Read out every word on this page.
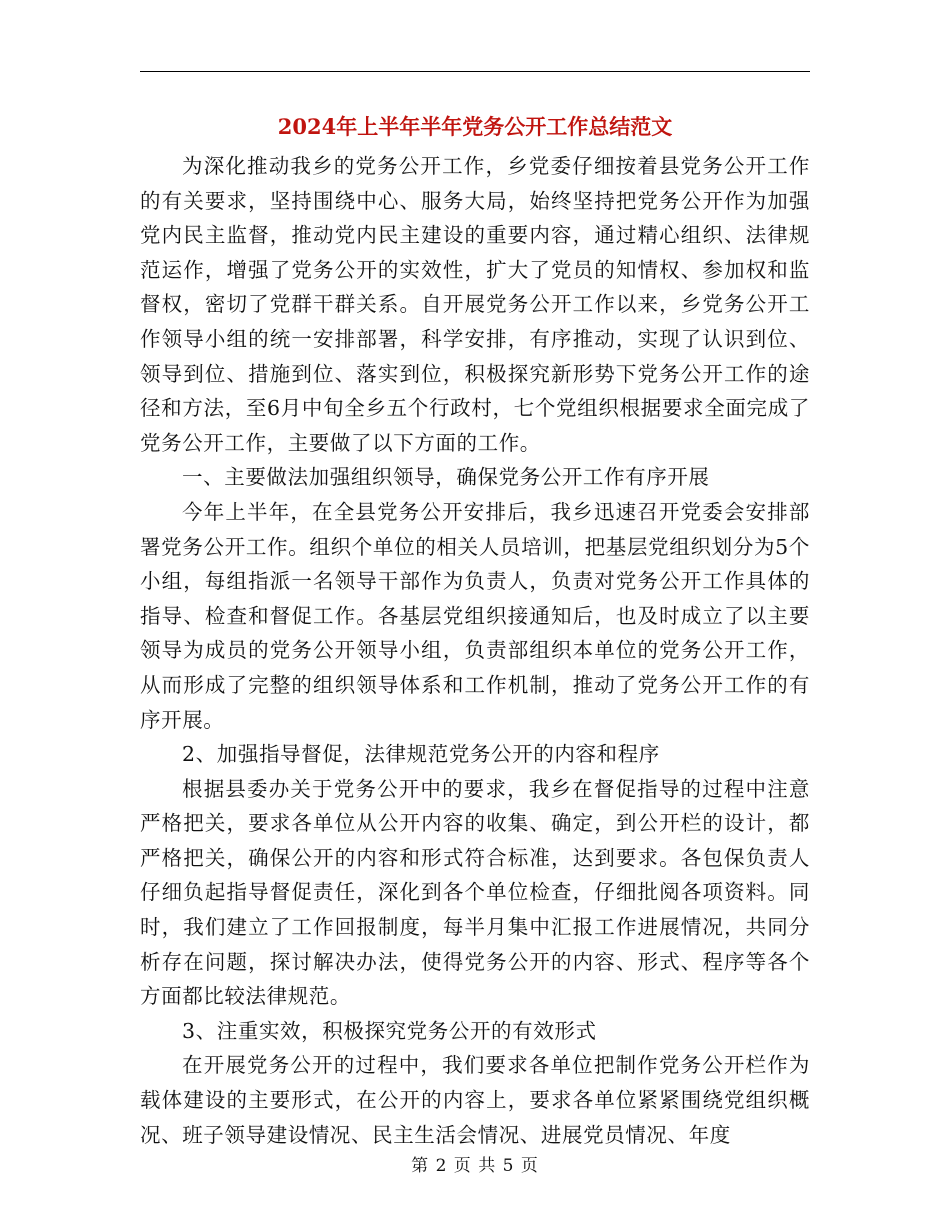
2024年上半年半年党务公开工作总结范文

为深化推动我乡的党务公开工作，乡党委仔细按着县党务公开工作的有关要求，坚持围绕中心、服务大局，始终坚持把党务公开作为加强党内民主监督，推动党内民主建设的重要内容，通过精心组织、法律规范运作，增强了党务公开的实效性，扩大了党员的知情权、参加权和监督权，密切了党群干群关系。自开展党务公开工作以来，乡党务公开工作领导小组的统一安排部署，科学安排，有序推动，实现了认识到位、领导到位、措施到位、落实到位，积极探究新形势下党务公开工作的途径和方法，至6月中旬全乡五个行政村，七个党组织根据要求全面完成了党务公开工作，主要做了以下方面的工作。

一、主要做法加强组织领导，确保党务公开工作有序开展

今年上半年，在全县党务公开安排后，我乡迅速召开党委会安排部署党务公开工作。组织个单位的相关人员培训，把基层党组织划分为5个小组，每组指派一名领导干部作为负责人，负责对党务公开工作具体的指导、检查和督促工作。各基层党组织接通知后，也及时成立了以主要领导为成员的党务公开领导小组，负责部组织本单位的党务公开工作，从而形成了完整的组织领导体系和工作机制，推动了党务公开工作的有序开展。

2、加强指导督促，法律规范党务公开的内容和程序

根据县委办关于党务公开中的要求，我乡在督促指导的过程中注意严格把关，要求各单位从公开内容的收集、确定，到公开栏的设计，都严格把关，确保公开的内容和形式符合标准，达到要求。各包保负责人仔细负起指导督促责任，深化到各个单位检查，仔细批阅各项资料。同时，我们建立了工作回报制度，每半月集中汇报工作进展情况，共同分析存在问题，探讨解决办法，使得党务公开的内容、形式、程序等各个方面都比较法律规范。

3、注重实效，积极探究党务公开的有效形式

在开展党务公开的过程中，我们要求各单位把制作党务公开栏作为载体建设的主要形式，在公开的内容上，要求各单位紧紧围绕党组织概况、班子领导建设情况、民主生活会情况、进展党员情况、年度

第 2 页 共 5 页
